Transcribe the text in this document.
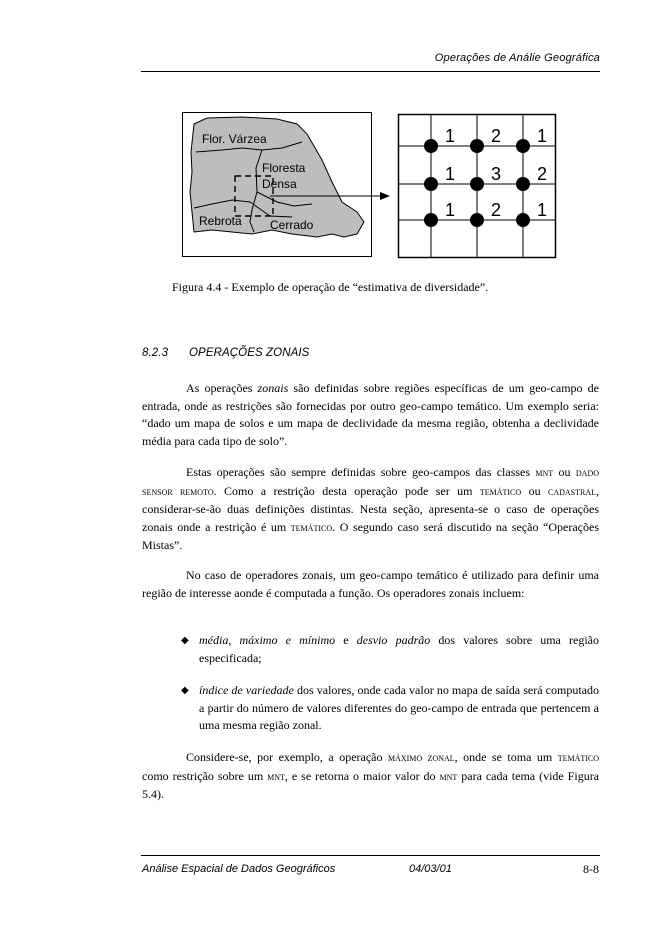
Operações de Análie Geográfica
Flor. Várzea
Floresta
Densa
Rebrota Cerrado
1 2 1
1 3 2
1 2 1
Figura 4.4 - Exemplo de operação de “estimativa de diversidade”.
8.2.3 OPERAÇÕES ZONAIS

As operações zonais são definidas sobre regiões específicas de um geo-campo de entrada, onde as restrições são fornecidas por outro geo-campo temático. Um exemplo seria: “dado um mapa de solos e um mapa de declividade da mesma região, obtenha a declividade média para cada tipo de solo”.

Estas operações são sempre definidas sobre geo-campos das classes mnt ou dado sensor remoto. Como a restrição desta operação pode ser um temático ou cadastral, considerar-se-ão duas definições distintas. Nesta seção, apresenta-se o caso de operações zonais onde a restrição é um temático. O segundo caso será discutido na seção “Operações Mistas”.

No caso de operadores zonais, um geo-campo temático é utilizado para definir uma região de interesse aonde é computada a função. Os operadores zonais incluem:

◆ média, máximo e mínimo e desvio padrão dos valores sobre uma região especificada;
◆ índice de variedade dos valores, onde cada valor no mapa de saída será computado a partir do número de valores diferentes do geo-campo de entrada que pertencem a uma mesma região zonal.

Considere-se, por exemplo, a operação máximo zonal, onde se toma um temático como restrição sobre um mnt, e se retorna o maior valor do mnt para cada tema (vide Figura 5.4).

Análise Espacial de Dados Geográficos	04/03/01	8-8
